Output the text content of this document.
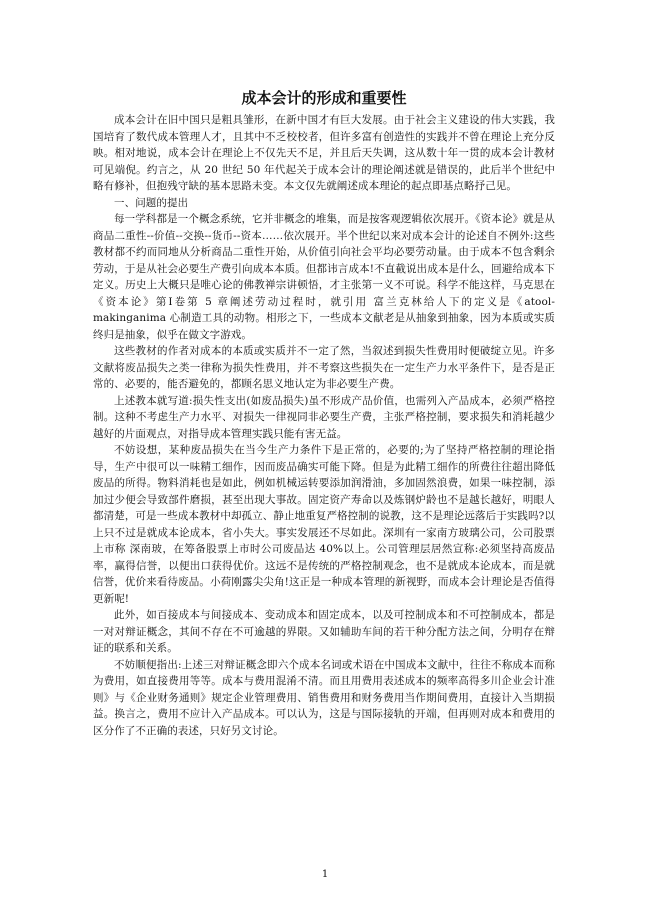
成本会计的形成和重要性

成本会计在旧中国只是粗具雏形，在新中国才有巨大发展。由于社会主义建设的伟大实践，我国培育了数代成本管理人才，且其中不乏校校者，但许多富有创造性的实践并不曾在理论上充分反映。相对地说，成本会计在理论上不仅先天不足，并且后天失调，这从数十年一贯的成本会计教材可见端倪。约言之，从 20 世纪 50 年代起关于成本会计的理论阐述就是错误的，此后半个世纪中略有修补，但抱残守缺的基本思路未变。本文仅先就阐述成本理论的起点即基点略抒己见。

一、问题的提出

每一学科都是一个概念系统，它并非概念的堆集，而是按客观逻辑依次展开。《资本论》就是从商品二重性--价值--交换--货币--资本……依次展开。半个世纪以来对成本会计的论述自不例外:这些教材都不约而同地从分析商品二重性开始，从价值引向社会平均必要劳动量。由于成本不包含剩余劳动，于是从社会必要生产费引向成本本质。但都讳言成本!不直截说出成本是什么，回避给成本下定义。历史上大概只是唯心论的佛教禅宗讲顿悟，才主张第一义不可说。科学不能这样，马克思在《资本论》第Ⅰ卷第 5 章阐述劳动过程时，就引用 富兰克林给人下的定义是《atool-makinganima 心制造工具的动物。相形之下，一些成本文献老是从抽象到抽象，因为本质或实质终归是抽象，似乎在做文字游戏。

这些教材的作者对成本的本质或实质并不一定了然，当叙述到损失性费用时便破绽立见。许多文献将废品损失之类一律称为损失性费用，并不考察这些损失在一定生产力水平条件下，是否是正常的、必要的，能否避免的，都顾名思义地认定为非必要生产费。

上述教本就写道:损失性支出(如废品损失)虽不形成产品价值，也需列入产品成本，必须严格控制。这种不考虑生产力水平、对损失一律视同非必要生产费，主张严格控制，要求损失和消耗越少越好的片面观点，对指导成本管理实践只能有害无益。

不妨设想，某种废品损失在当今生产力条件下是正常的，必要的;为了坚持严格控制的理论指导，生产中很可以一味精工细作，因而废品确实可能下降。但是为此精工细作的所费往往超出降低废品的所得。物料消耗也是如此，例如机械运转要添加润滑油，多加固然浪费，如果一味控制，添加过少便会导致部件磨损，甚至出现大事故。固定资产寿命以及炼钢炉龄也不是越长越好，明眼人都清楚，可是一些成本教材中却孤立、静止地重复严格控制的说教，这不是理论远落后于实践吗?以上只不过是就成本论成本，省小失大。事实发展还不尽如此。深圳有一家南方玻璃公司，公司股票上市称 深南玻，在筹备股票上市时公司废品达 40%以上。公司管理层居然宣称:必须坚持高废品率，赢得信誉，以便出口获得优价。这远不是传统的严格控制观念，也不是就成本论成本，而是就信誉，优价来看待废品。小荷刚露尖尖角!这正是一种成本管理的新视野，而成本会计理论是否值得更新呢!

此外，如百接成本与间接成本、变动成本和固定成本，以及可控制成本和不可控制成本，都是一对对辩证概念，其间不存在不可逾越的界限。又如辅助车间的若干种分配方法之间，分明存在辩证的联系和关系。

不妨顺便指出:上述三对辩证概念即六个成本名词或术语在中国成本文献中，往往不称成本而称为费用，如直接费用等等。成本与费用混淆不清。而且用费用表述成本的频率高得多川企业会计准则》与《企业财务通则》规定企业管理费用、销售费用和财务费用当作期间费用，直接计入当期损益。换言之，费用不应计入产品成本。可以认为，这是与国际接轨的开端，但再则对成本和费用的区分作了不正确的表述，只好另文讨论。

1
